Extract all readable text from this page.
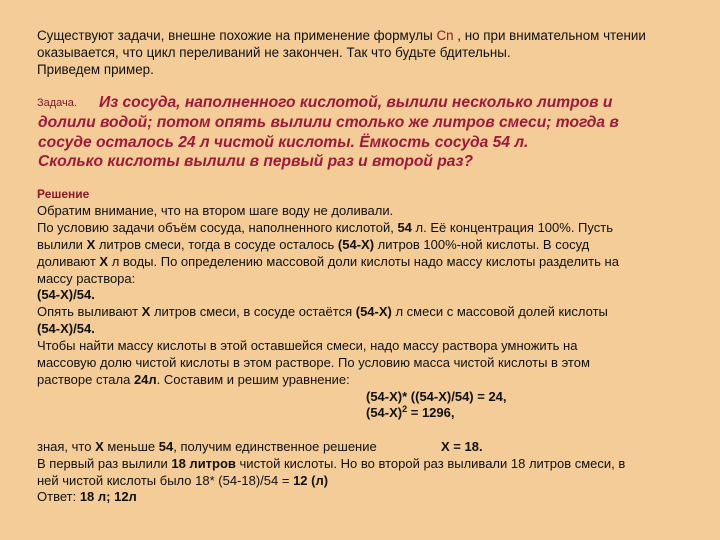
Существуют задачи, внешне похожие на применение формулы Cn , но при внимательном чтении
оказывается, что цикл переливаний не закончен. Так что будьте бдительны.
Приведем пример.
Задача. Из сосуда, наполненного кислотой, вылили несколько литров и
долили водой; потом опять вылили столько же литров смеси; тогда в
сосуде осталось 24 л чистой кислоты. Ёмкость сосуда 54 л.
Сколько кислоты вылили в первый раз и второй раз?
Решение
Обратим внимание, что на втором шаге воду не доливали.
По условию задачи объём сосуда, наполненного кислотой, 54 л. Её концентрация 100%. Пусть
вылили Х литров смеси, тогда в сосуде осталось (54-Х) литров 100%-ной кислоты. В сосуд
доливают Х л воды. По определению массовой доли кислоты надо массу кислоты разделить на
массу раствора:
(54-Х)/54.
Опять выливают Х литров смеси, в сосуде остаётся (54-Х) л смеси с массовой долей кислоты
(54-Х)/54.
Чтобы найти массу кислоты в этой оставшейся смеси, надо массу раствора умножить на
массовую долю чистой кислоты в этом растворе. По условию масса чистой кислоты в этом
растворе стала 24л. Составим и решим уравнение:
(54-Х)* ((54-Х)/54) = 24,
$(54-Х)^2 = 1296$,
зная, что Х меньше 54, получим единственное решение	Х = 18.
В первый раз вылили 18 литров чистой кислоты. Но во второй раз выливали 18 литров смеси, в
ней чистой кислоты было 18* (54-18)/54 = 12 (л)
Ответ: 18 л; 12л
